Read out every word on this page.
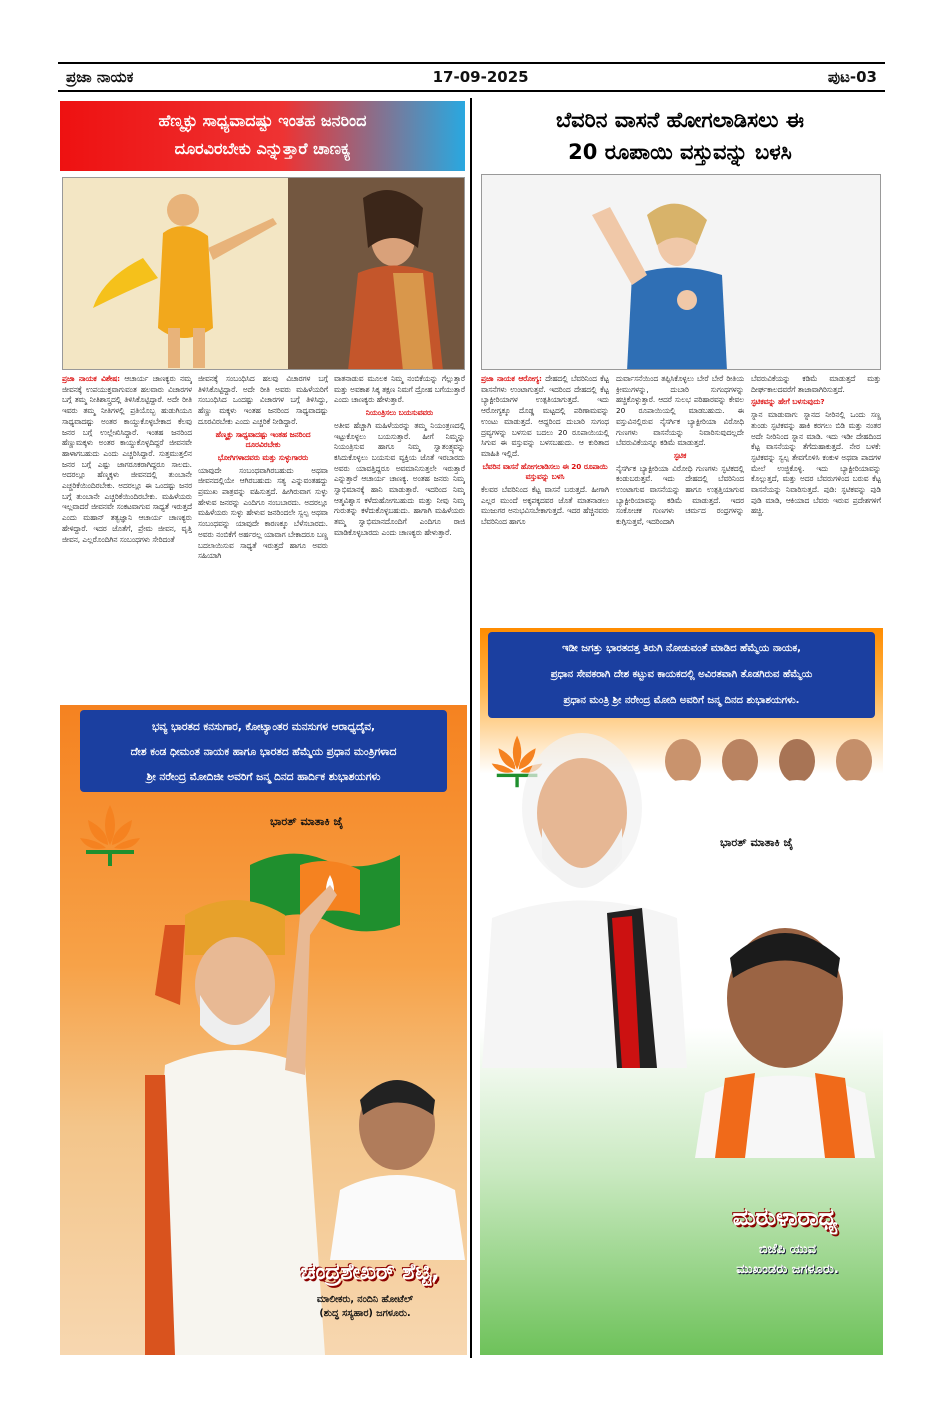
ಪ್ರಜಾ ನಾಯಕ	17-09-2025	ಪುಟ-03
ಹೆಣ್ಮಕ್ಳು ಸಾಧ್ಯವಾದಷ್ಟು ಇಂತಹ ಜನರಿಂದ
ದೂರವಿರಬೇಕು ಎನ್ನುತ್ತಾರೆ ಚಾಣಕ್ಯ
ಪ್ರಜಾ ನಾಯಕ ವಿಶೇಷ: ಆಚಾರ್ಯ ಚಾಣಕ್ಯರು ನಮ್ಮ ಜೀವನಕ್ಕೆ ಉಪಯುಕ್ತವಾಗುವಂತ ಹಲವಾರು ವಿಚಾರಗಳ ಬಗ್ಗೆ ತಮ್ಮ ನೀತಿಶಾಸ್ತ್ರದಲ್ಲಿ ತಿಳಿಸಿಕೊಟ್ಟಿದ್ದಾರೆ. ಅದೇ ರೀತಿ ಇವರು ತಮ್ಮ ನೀತಿಗಳಲ್ಲಿ ಪ್ರತಿಯೊಬ್ಬ ಹುಡುಗಿಯೂ ಸಾಧ್ಯವಾದಷ್ಟು ಅಂತರ ಕಾಯ್ದುಕೊಳ್ಳಬೇಕಾದ ಕೆಲವು ಜನರ ಬಗ್ಗೆ ಉಲ್ಲೇಖಿಸಿದ್ದಾರೆ. ಇಂತಹ ಜನರಿಂದ ಹೆಣ್ಣುಮಕ್ಕಳು ಅಂತರ ಕಾಯ್ದುಕೊಳ್ಳದಿದ್ದರೆ ಜೀವನವೇ ಹಾಳಾಗಬಹುದು ಎಂದು ಎಚ್ಚರಿಸಿದ್ದಾರೆ. ಸುತ್ತಮುತ್ತಲಿನ ಜನರ ಬಗ್ಗೆ ಎಷ್ಟು ಜಾಗರೂಕರಾಗಿದ್ದರೂ ಸಾಲದು. ಅದರಲ್ಲೂ ಹೆಣ್ಮಕ್ಕಳು ಜೀವನದಲ್ಲಿ ತುಂಬಾನೇ ಎಚ್ಚರಿಕೆಯಿಂದಿರಬೇಕು. ಅದರಲ್ಲೂ ಈ ಒಂದಷ್ಟು ಜನರ ಬಗ್ಗೆ ತುಂಬಾನೇ ಎಚ್ಚರಿಕೆಯಿಂದಿರಬೇಕು. ಮಹಿಳೆಯರು ಇಲ್ಲವಾದರೆ ಜೀವನವೇ ಸಂಕಟವಾಗುವ ಸಾಧ್ಯತೆ ಇರುತ್ತದೆ ಎಂದು ಮಹಾನ್ ತತ್ವಜ್ಞಾನಿ ಆಚಾರ್ಯ ಚಾಣಕ್ಯರು ಹೇಳಿದ್ದಾರೆ. ಇದರ ಜೊತೆಗೆ, ಪ್ರೇಮ ಜೀವನ, ವೃತ್ತಿ ಜೀವನ, ಎಲ್ಲರೊಂದಿಗಿನ ಸಂಬಂಧಗಳು ಸೇರಿದಂತೆ

ಜೀವನಕ್ಕೆ ಸಂಬಂಧಿಸಿದ ಹಲವು ವಿಚಾರಗಳ ಬಗ್ಗೆ ತಿಳಿಸಿಕೊಟ್ಟಿದ್ದಾರೆ. ಅದೇ ರೀತಿ ಅವರು ಮಹಿಳೆಯರಿಗೆ ಸಂಬಂಧಿಸಿದ ಒಂದಷ್ಟು ವಿಚಾರಗಳ ಬಗ್ಗೆ ತಿಳಿಸಿದ್ದು, ಹೆಣ್ಣು ಮಕ್ಕಳು ಇಂತಹ ಜನರಿಂದ ಸಾಧ್ಯವಾದಷ್ಟು ದೂರವಿರಬೇಕು ಎಂದು ಎಚ್ಚರಿಕೆ ನೀಡಿದ್ದಾರೆ.

ಹೆಣ್ಮಕ್ಳು ಸಾಧ್ಯವಾದಷ್ಟು ಇಂತಹ ಜನರಿಂದ ದೂರವಿರಬೇಕು

ಭೋಗಿಗಳಾದವರು ಮತ್ತು ಸುಳ್ಳುಗಾರರು

ಯಾವುದೇ ಸಂಬಂಧವಾಗಿರಬಹುದು ಅಥವಾ ಜೀವನದಲ್ಲಿಯೇ ಆಗಿರಬಹುದು ಸತ್ಯ ಎನ್ನುವಂತಹದ್ದು ಪ್ರಮುಖ ಪಾತ್ರವನ್ನು ವಹಿಸುತ್ತದೆ. ಹೀಗಿರುವಾಗ ಸುಳ್ಳು ಹೇಳುವ ಜನರನ್ನು ಎಂದಿಗೂ ನಂಬಬಾರದು. ಅದರಲ್ಲೂ ಮಹಿಳೆಯರು ಸುಳ್ಳು ಹೇಳುವ ಜನರಿಂದಲೇ ಸ್ವಲ್ಪ ಅಥವಾ ಸಂಬಂಧವನ್ನು ಯಾವುದೇ ಕಾರಣಕ್ಕೂ ಬೆಳೆಸಬಾರದು. ಅವರು ನಂಬಿಕೆಗೆ ಅರ್ಹರಲ್ಲ ಯಾವಾಗ ಬೇಕಾದರೂ ಬಣ್ಣ ಬದಲಾಯಿಸುವ ಸಾಧ್ಯತೆ ಇರುತ್ತದೆ ಹಾಗೂ ಅವರು ಸಹಿಯಾಗಿ

ವಾತನಾಡುವ ಮೂಲಕ ನಿಮ್ಮ ನಂಬಿಕೆಯನ್ನು ಗೆಲ್ಲುತ್ತಾರೆ ಮತ್ತು ಅವಕಾಶ ಸಿಕ್ಕ ತಕ್ಷಣ ನಿಮಗೆ ದ್ರೋಹ ಬಗೆಯುತ್ತಾರೆ ಎಂದು ಚಾಣಕ್ಯರು ಹೇಳುತ್ತಾರೆ.

ನಿಯಂತ್ರಿಸಲು ಬಯಸುವವರು

ಅತೀವ ಹೆಚ್ಚಾಗಿ ಮಹಿಳೆಯರನ್ನು ತಮ್ಮ ನಿಯಂತ್ರಣದಲ್ಲಿ ಇಟ್ಟುಕೊಳ್ಳಲು ಬಯಸುತ್ತಾರೆ. ಹೀಗೆ ನಿಮ್ಮನ್ನು ನಿಯಂತ್ರಿಸುವ ಹಾಗೂ ನಿಮ್ಮ ಸ್ವಾತಂತ್ರ್ಯವನ್ನು ಕಸಿದುಕೊಳ್ಳಲು ಬಯಸುವ ವ್ಯಕ್ತಿಯ ಜೊತೆ ಇರಬಾರದು ಅವರು ಯಾವತ್ತಿದ್ದರೂ ಅವಮಾನಿಸುತ್ತಲೇ ಇರುತ್ತಾರೆ ಎನ್ನುತ್ತಾರೆ ಆಚಾರ್ಯ ಚಾಣಕ್ಯ. ಅಂತಹ ಜನರು ನಿಮ್ಮ ಸ್ವಾಭಿಮಾನಕ್ಕೆ ಹಾನಿ ಮಾಡುತ್ತಾರೆ. ಇದರಿಂದ ನಿಮ್ಮ ಆತ್ಮವಿಶ್ವಾಸ ಕಳೆದುಹೋಗಬಹುದು ಮತ್ತು ನೀವು ನಿಮ್ಮ ಗುರುತನ್ನು ಕಳೆದುಕೊಳ್ಳಬಹುದು. ಹಾಗಾಗಿ ಮಹಿಳೆಯರು ತಮ್ಮ ಸ್ವಾಭಿಮಾನದೊಂದಿಗೆ ಎಂದಿಗೂ ರಾಜಿ ಮಾಡಿಕೊಳ್ಳಬಾರದು ಎಂದು ಚಾಣಕ್ಯರು ಹೇಳುತ್ತಾರೆ.

ಬೆವರಿನ ವಾಸನೆ ಹೋಗಲಾಡಿಸಲು ಈ
20 ರೂಪಾಯಿ ವಸ್ತುವನ್ನು ಬಳಸಿ
ಪ್ರಜಾ ನಾಯಕ ಆರೋಗ್ಯ: ದೇಹದಲ್ಲಿ ಬೆವರಿನಿಂದ ಕೆಟ್ಟ ವಾಸನೆಗಳು ಉಂಟಾಗುತ್ತವೆ. ಇದರಿಂದ ದೇಹದಲ್ಲಿ ಕೆಟ್ಟ ಬ್ಯಾಕ್ಟೀರಿಯಾಗಳ ಉತ್ಪತಿಯಾಗುತ್ತದೆ. ಇದು ಆರೋಗ್ಯಕ್ಕೂ ದೊಡ್ಡ ಮಟ್ಟದಲ್ಲಿ ಪರಿಣಾಮವನ್ನು ಉಂಟು ಮಾಡುತ್ತದೆ. ಆದ್ದರಿಂದ ದುಬಾರಿ ಸುಗಂಧ ದ್ರವ್ಯಗಳನ್ನು ಬಳಸುವ ಬದಲು 20 ರೂಪಾಯಿಯಲ್ಲಿ ಸಿಗುವ ಈ ವಸ್ತುವನ್ನು ಬಳಸಬಹುದು. ಆ ಕುರಿತಾದ ಮಾಹಿತಿ ಇಲ್ಲಿದೆ.

ಬೆವರಿನ ವಾಸನೆ ಹೋಗಲಾಡಿಸಲು ಈ 20 ರೂಪಾಯಿ ವಸ್ತುವನ್ನು ಬಳಸಿ

ಕೆಲವರ ಬೆವರಿನಿಂದ ಕೆಟ್ಟ ವಾಸನೆ ಬರುತ್ತದೆ. ಹೀಗಾಗಿ ಎಲ್ಲರ ಮುಂದೆ ಅಕ್ಕಪಕ್ಕದವರ ಜೊತೆ ಮಾತನಾಡಲು ಮುಜುಗರ ಅನುಭವಿಸಬೇಕಾಗುತ್ತದೆ. ಇದರ ಹೆಚ್ಚಿನವರು ಬೆವರಿನಿಂದ ಹಾಗೂ

ದುರ್ವಾಸನೆಯಿಂದ ತಪ್ಪಿಸಿಕೊಳ್ಳಲು ಬೇರೆ ಬೇರೆ ರೀತಿಯ ಕ್ರೀಮುಗಳನ್ನು, ದುಬಾರಿ ಸುಗಂಧಗಳನ್ನು ಹಚ್ಚಿಕೊಳ್ಳುತ್ತಾರೆ. ಆದರೆ ಸುಲಭ ಪರಿಹಾರವನ್ನು ಕೇವಲ 20 ರೂಪಾಯಿಯಲ್ಲಿ ಮಾಡಬಹುದು. ಈ ವಸ್ತುವಿನಲ್ಲಿರುವ ನೈಸರ್ಗಿಕ ಬ್ಯಾಕ್ಟೀರಿಯಾ ವಿರೋಧಿ ಗುಣಗಳು ವಾಸನೆಯನ್ನು ನಿವಾರಿಸುವುದಲ್ಲದೇ ಬೆವರುವಿಕೆಯನ್ನೂ ಕಡಿಮೆ ಮಾಡುತ್ತದೆ.

ಸ್ಫಟಿಕ

ನೈಸರ್ಗಿಕ ಬ್ಯಾಕ್ಟೀರಿಯಾ ವಿರೋಧಿ ಗುಣಗಳು ಸ್ಫಟಿಕದಲ್ಲಿ ಕಂಡುಬರುತ್ತವೆ. ಇದು ದೇಹದಲ್ಲಿ ಬೆವರಿನಿಂದ ಉಂಟಾಗುವ ವಾಸನೆಯನ್ನು ಹಾಗೂ ಉತ್ಪತ್ತಿಯಾಗುವ ಬ್ಯಾಕ್ಟೀರಿಯಾವನ್ನು ಕಡಿಮೆ ಮಾಡುತ್ತದೆ. ಇದರ ಸಂಕೋಚಕ ಗುಣಗಳು ಚರ್ಮದ ರಂಧ್ರಗಳನ್ನು ಕುಗ್ಗಿಸುತ್ತವೆ, ಇದರಿಂದಾಗಿ

ಬೆವರುವಿಕೆಯನ್ನು ಕಡಿಮೆ ಮಾಡುತ್ತದೆ ಮತ್ತು ದೀರ್ಘಕಾಲದವರೆಗೆ ತಾಜಾವಾಗಿರಿಸುತ್ತದೆ.

ಸ್ಫಟಿಕವನ್ನು ಹೇಗೆ ಬಳಸುವುದು?

ಸ್ನಾನ ಮಾಡುವಾಗ: ಸ್ನಾನದ ನೀರಿನಲ್ಲಿ ಒಂದು ಸಣ್ಣ ತುಂಡು ಸ್ಫಟಿಕವನ್ನು ಹಾಕಿ ಕರಗಲು ಬಿಡಿ ಮತ್ತು ನಂತರ ಅದೇ ನೀರಿನಿಂದ ಸ್ನಾನ ಮಾಡಿ. ಇದು ಇಡೀ ದೇಹದಿಂದ ಕೆಟ್ಟ ವಾಸನೆಯನ್ನು ತೆಗೆದುಹಾಕುತ್ತದೆ. ನೇರ ಬಳಕೆ: ಸ್ಫಟಿಕವನ್ನು ಸ್ವಲ್ಪ ತೇವಗೊಳಿಸಿ ಕಂಕುಳ ಅಥವಾ ಪಾದಗಳ ಮೇಲೆ ಉಜ್ಜಿಕೊಳ್ಳಿ. ಇದು ಬ್ಯಾಕ್ಟೀರಿಯಾವನ್ನು ಕೊಲ್ಲುತ್ತದೆ, ಮತ್ತು ಅದರ ಬೆವರುಗಳಿಂದ ಬರುವ ಕೆಟ್ಟ ವಾಸನೆಯನ್ನು ನಿವಾರಿಸುತ್ತದೆ. ಪುಡಿ: ಸ್ಫಟಿಕವನ್ನು ಪುಡಿ ಪುಡಿ ಮಾಡಿ, ಆಕಿಯಾದ ಬೆವರು ಇರುವ ಪ್ರದೇಶಗಳಿಗೆ ಹಚ್ಚಿ.

ಭವ್ಯ ಭಾರತದ ಕನಸುಗಾರ, ಕೋಟ್ಯಾಂತರ ಮನಸುಗಳ ಆರಾಧ್ಯದೈವ,
ದೇಶ ಕಂಡ ಧೀಮಂತ ನಾಯಕ ಹಾಗೂ ಭಾರತದ ಹೆಮ್ಮೆಯ ಪ್ರಧಾನ ಮಂತ್ರಿಗಳಾದ
ಶ್ರೀ ನರೇಂದ್ರ ಮೋದಿಜೀ ಅವರಿಗೆ ಜನ್ಮ ದಿನದ ಹಾರ್ದಿಕ ಶುಭಾಶಯಗಳು
ಭಾರತ್ ಮಾತಾಕಿ ಜೈ
ಚಂದ್ರಶೇಖರ್ ಶೆಟ್ಟಿ,
ಮಾಲೀಕರು, ನಂದಿನಿ ಹೋಟೆಲ್
(ಶುದ್ಧ ಸಸ್ಯಹಾರ) ಜಗಳೂರು.
ಇಡೀ ಜಗತ್ತು ಭಾರತದತ್ತ ತಿರುಗಿ ನೋಡುವಂತೆ ಮಾಡಿದ ಹೆಮ್ಮೆಯ ನಾಯಕ,
ಪ್ರಧಾನ ಸೇವಕರಾಗಿ ದೇಶ ಕಟ್ಟುವ ಕಾಯಕದಲ್ಲಿ ಅವಿರತವಾಗಿ ತೊಡಗಿರುವ ಹೆಮ್ಮೆಯ
ಪ್ರಧಾನ ಮಂತ್ರಿ ಶ್ರೀ ನರೇಂದ್ರ ಮೋದಿ ಅವರಿಗೆ ಜನ್ಮ ದಿನದ ಶುಭಾಶಯಗಳು.
ಭಾರತ್ ಮಾತಾಕಿ ಜೈ
ಮರುಳಾರಾಧ್ಯ
ಬಿಜೆಪಿ ಯುವ
ಮುಖಂಡರು ಜಗಳೂರು.
